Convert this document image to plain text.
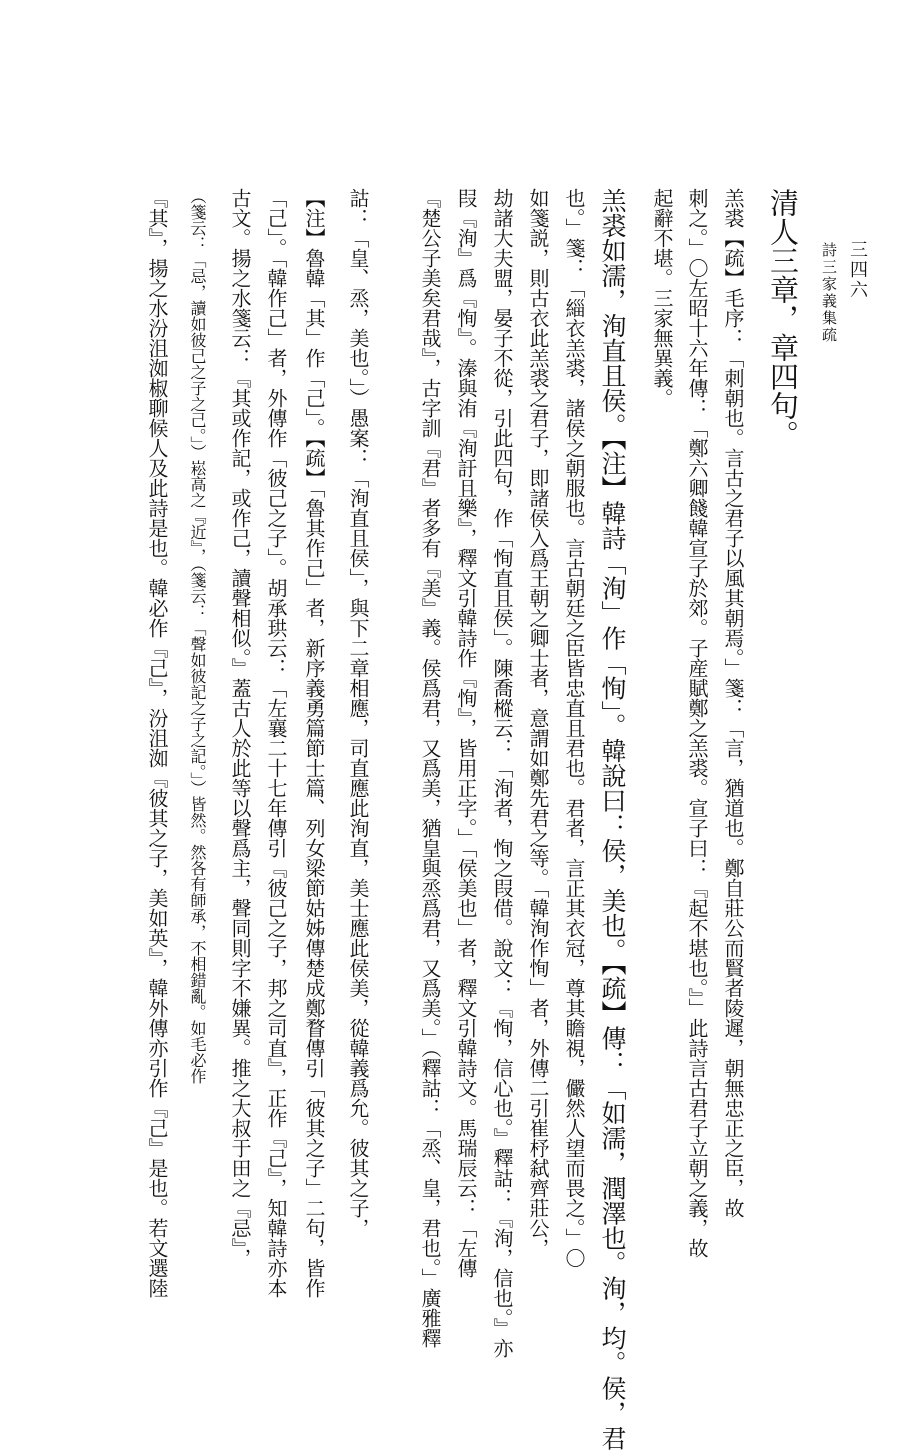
詩三家義集疏 三四六
清人三章，章四句。
羔裘【疏】毛序：「刺朝也。言古之君子以風其朝焉。」箋：「言，猶道也。鄭自莊公而賢者陵遲，朝無忠正之臣，故
刺之。」〇左昭十六年傳：「鄭六卿餞韓宣子於郊。子産賦鄭之羔裘。宣子曰：『起不堪也。』」此詩言古君子立朝之義，故
起辭不堪。三家無異義。
羔裘如濡，洵直且侯。【注】韓詩「洵」作「恂」。韓說曰：侯，美也。【疏】傳：「如濡，潤澤也。洵，均。侯，君
也。」箋：「緇衣羔裘，諸侯之朝服也。言古朝廷之臣皆忠直且君也。君者，言正其衣冠，尊其瞻視，儼然人望而畏之。」〇
如箋説，則古衣此羔裘之君子，即諸侯入爲王朝之卿士者，意謂如鄭先君之等。「韓洵作恂」者，外傳二引崔杼弑齊莊公，
劫諸大夫盟，晏子不從，引此四句，作「恂直且侯」。陳喬樅云：「洵者，恂之叚借。說文：『恂，信心也。』釋詁：『洵，信也。』亦
叚『洵』爲『恂』。溱與洧『洵訏且樂』，釋文引韓詩作『恂』，皆用正字。」「侯美也」者，釋文引韓詩文。馬瑞辰云：「左傳
『楚公子美矣君哉』，古字訓『君』者多有『美』義。侯爲君，又爲美，猶皇與烝爲君，又爲美。」（釋詁：「烝、皇，君也。」廣雅釋
詁：「皇、烝，美也。」）愚案：「洵直且侯」，與下二章相應，司直應此洵直，美士應此侯美，從韓義爲允。彼其之子，
【注】魯韓「其」作「己」。【疏】「魯其作己」者，新序義勇篇節士篇、列女梁節姑姊傳楚成鄭瞀傳引「彼其之子」二句，皆作
「己」。「韓作己」者，外傳作「彼己之子」。胡承珙云：「左襄二十七年傳引『彼己之子，邦之司直』，正作『己』，知韓詩亦本
古文。揚之水箋云：『其或作記，或作己，讀聲相似。』蓋古人於此等以聲爲主，聲同則字不嫌異。推之大叔于田之『忌』，
（箋云：「忌，讀如彼己之子之己。」）崧高之『近』，（箋云：「聲如彼記之子之記。」）皆然。然各有師承，不相錯亂。如毛必作
『其』，揚之水汾沮洳椒聊候人及此詩是也。韓必作『己』，汾沮洳『彼其之子，美如英』，韓外傳亦引作『己』是也。若文選陸
